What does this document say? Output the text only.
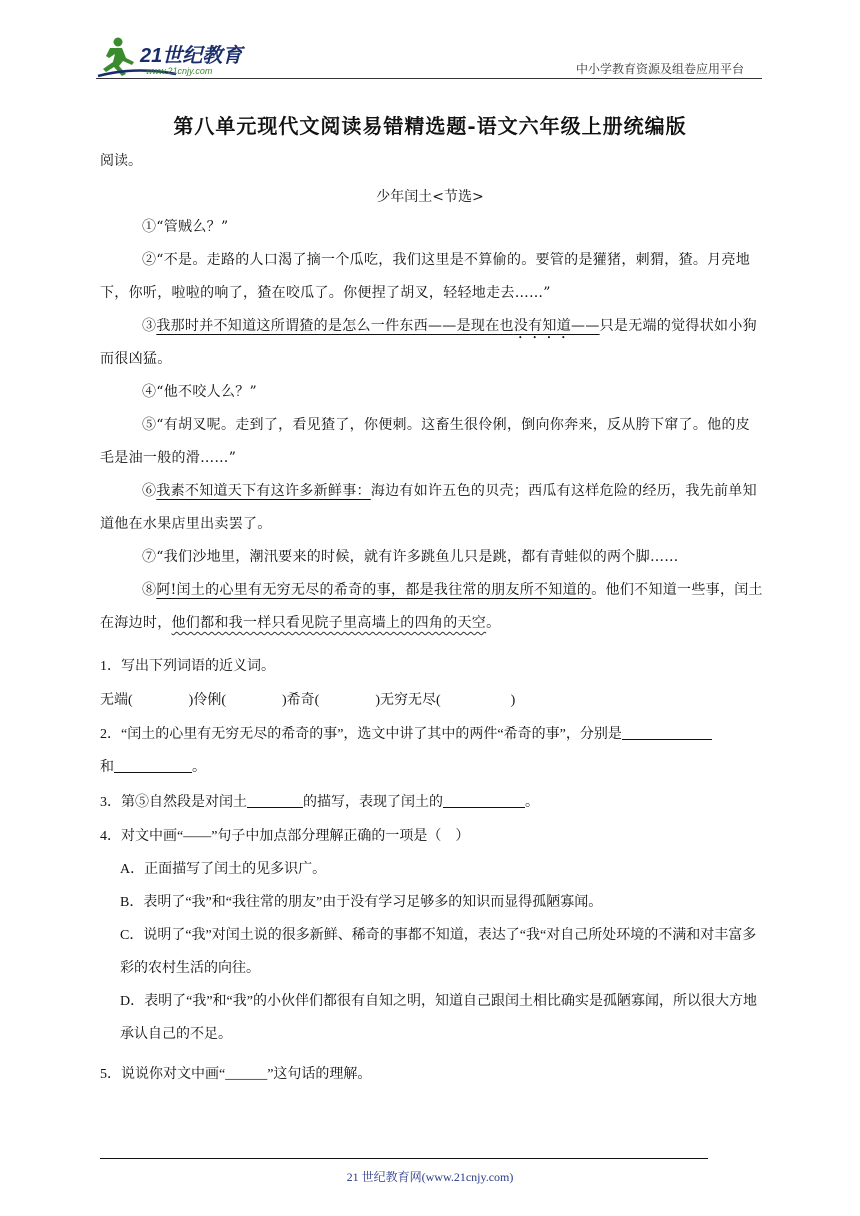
21世纪教育
www.21cnjy.com	中小学教育资源及组卷应用平台
第八单元现代文阅读易错精选题-语文六年级上册统编版
阅读。
少年闰土<节选>
①“管贼么？”
②“不是。走路的人口渴了摘一个瓜吃，我们这里是不算偷的。要管的是獾猪，刺猬，猹。月亮地下，你听，啦啦的响了，猹在咬瓜了。你便捏了胡叉，轻轻地走去……”
③我那时并不知道这所谓猹的是怎么一件东西——是现在也没有知道——只是无端的觉得状如小狗而很凶猛。
④“他不咬人么？”
⑤“有胡叉呢。走到了，看见猹了，你便刺。这畜生很伶俐，倒向你奔来，反从胯下窜了。他的皮毛是油一般的滑……”
⑥我素不知道天下有这许多新鲜事：海边有如许五色的贝壳；西瓜有这样危险的经历，我先前单知道他在水果店里出卖罢了。
⑦“我们沙地里，潮汛要来的时候，就有许多跳鱼儿只是跳，都有青蛙似的两个脚……
⑧阿!闰土的心里有无穷无尽的希奇的事，都是我往常的朋友所不知道的。他们不知道一些事，闰土在海边时，他们都和我一样只看见院子里高墙上的四角的天空。
1．写出下列词语的近义词。
无端(	)伶俐(	)希奇(	)无穷无尽(	)
2．“闰土的心里有无穷无尽的希奇的事”，选文中讲了其中的两件“希奇的事”，分别是
和	。
3．第⑤自然段是对闰土	的描写，表现了闰土的	。
4．对文中画“——”句子中加点部分理解正确的一项是（　）
A．正面描写了闰土的见多识广。
B．表明了“我”和“我往常的朋友”由于没有学习足够多的知识而显得孤陋寡闻。
C．说明了“我”对闰土说的很多新鲜、稀奇的事都不知道，表达了“我“对自己所处环境的不满和对丰富多彩的农村生活的向往。
D．表明了“我”和“我”的小伙伴们都很有自知之明，知道自己跟闰土相比确实是孤陋寡闻，所以很大方地承认自己的不足。
5．说说你对文中画“______”这句话的理解。
21 世纪教育网(www.21cnjy.com)
